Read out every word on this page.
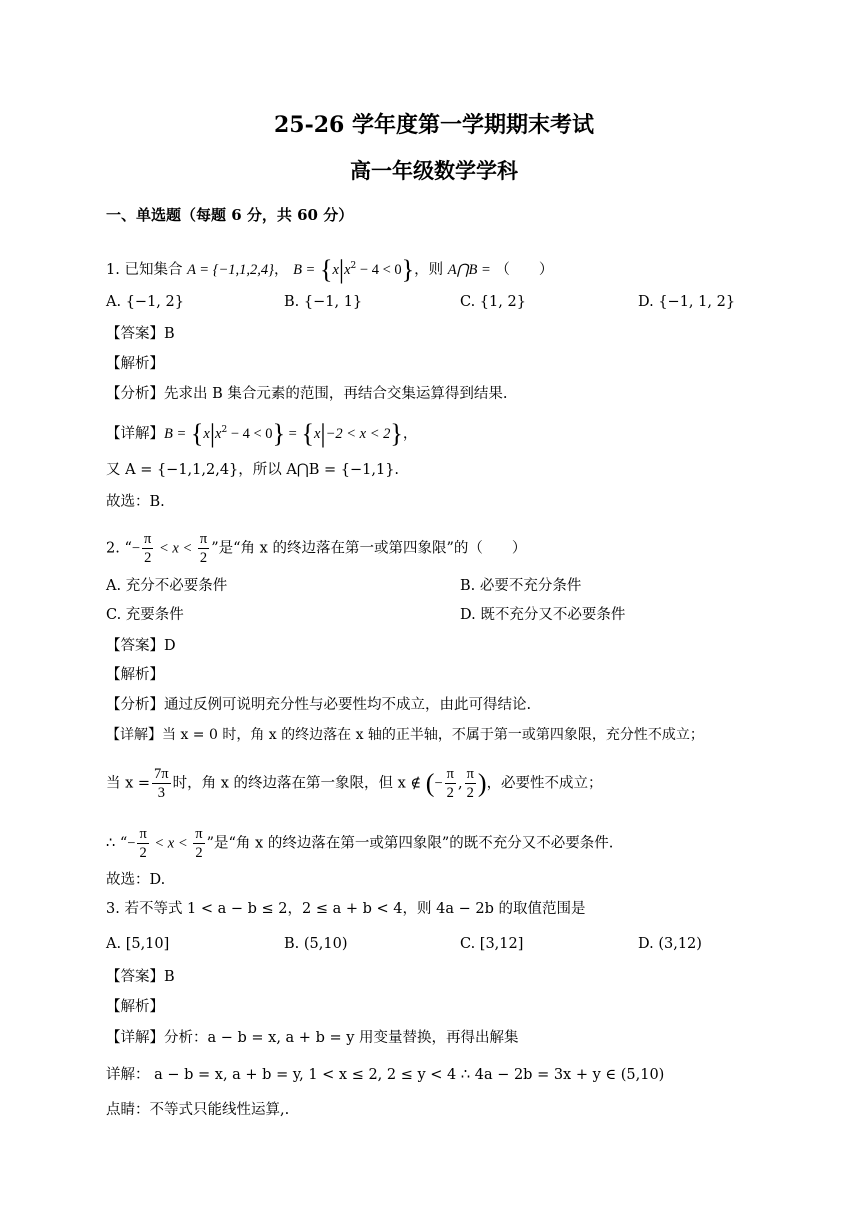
25-26 学年度第一学期期末考试
高一年级数学学科
一、单选题（每题 6 分，共 60 分）
1. 已知集合 A = {−1,1,2,4}， $B = \{x|x^2 - 4 < 0\}$，则 A⋂B = （　　）
A. {−1, 2}	B. {−1, 1}	C. {1, 2}	D. {−1, 1, 2}
【答案】B
【解析】
【分析】先求出 B 集合元素的范围，再结合交集运算得到结果.
【详解】$B = \{x|x^2 - 4 < 0\} = \{x|-2 < x < 2\}$，
又 A = {−1,1,2,4}，所以 A⋂B = {−1,1}.
故选：B.
2. “− $\frac{\pi}{2} < x < \frac{\pi}{2}$ ”是“角 x 的终边落在第一或第四象限”的（　　）
A. 充分不必要条件	B. 必要不充分条件
C. 充要条件	D. 既不充分又不必要条件
【答案】D
【解析】
【分析】通过反例可说明充分性与必要性均不成立，由此可得结论.
【详解】当 x = 0 时，角 x 的终边落在 x 轴的正半轴，不属于第一或第四象限，充分性不成立；
当 $x = \frac{7\pi}{3}$ 时，角 x 的终边落在第一象限，但 x ∉ (− $\frac{\pi}{2}$ , $\frac{\pi}{2}$ )，必要性不成立；
∴ “− $\frac{\pi}{2} < x < \frac{\pi}{2}$ ”是“角 x 的终边落在第一或第四象限”的既不充分又不必要条件.
故选：D.
3. 若不等式 1 < a − b ≤ 2，2 ≤ a + b < 4，则 4a − 2b 的取值范围是
A. [5,10]	B. (5,10)	C. [3,12]	D. (3,12)
【答案】B
【解析】
【详解】分析：a − b = x, a + b = y 用变量替换，再得出解集
详解： a − b = x, a + b = y, 1 < x ≤ 2, 2 ≤ y < 4 ∴ 4a − 2b = 3x + y ∈ (5,10)
点睛：不等式只能线性运算,.
